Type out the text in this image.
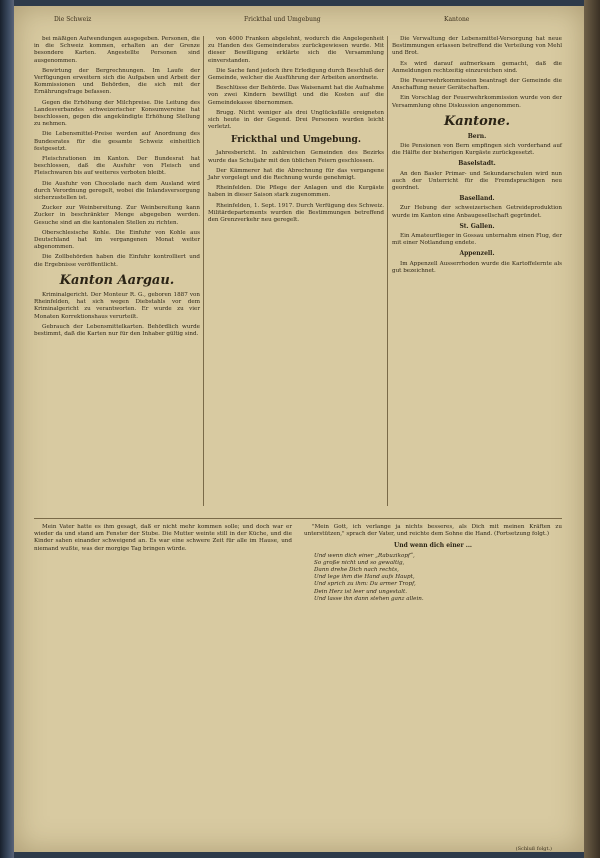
Die Schweiz	Frickthal und Umgebung	Kantone

bei mäßigen Aufwendungen ausgegeben. Personen, die in die Schweiz kommen, erhalten an der Grenze besondere Karten. Angestellte Personen sind ausgenommen.

Bewirtung der Bergrechnungen. Im Laufe der Verfügungen erweitern sich die Aufgaben und Arbeit der Kommissionen und Behörden, die sich mit der Ernährungsfrage befassen.

Gegen die Erhöhung der Milchpreise. Die Leitung des Landesverbandes schweizerischer Konsumvereine hat beschlossen, gegen die angekündigte Erhöhung Stellung zu nehmen.

Die Lebensmittel-Preise werden auf Anordnung des Bundesrates für die gesamte Schweiz einheitlich festgesetzt.

Fleischrationen im Kanton. Der Bundesrat hat beschlossen, daß die Ausfuhr von Fleisch und Fleischwaren bis auf weiteres verboten bleibt.

Die Ausfuhr von Chocolade nach dem Ausland wird durch Verordnung geregelt, wobei die Inlandsversorgung sicherzustellen ist.

Zucker zur Weinbereitung. Zur Weinbereitung kann Zucker in beschränkter Menge abgegeben werden. Gesuche sind an die kantonalen Stellen zu richten.

Oberschlesische Kohle. Die Einfuhr von Kohle aus Deutschland hat im vergangenen Monat weiter abgenommen.

Die Zollbehörden haben die Einfuhr kontrolliert und die Ergebnisse veröffentlicht.

Kanton Aargau.

Kriminalgericht. Der Monteur R. G., geboren 1887 von Rheinfelden, hat sich wegen Diebstahls vor dem Kriminalgericht zu verantworten. Er wurde zu vier Monaten Korrektionshaus verurteilt.

Gebrauch der Lebensmittelkarten. Behördlich wurde bestimmt, daß die Karten nur für den Inhaber gültig sind.

von 4000 Franken abgelehnt, wodurch die Angelegenheit zu Handen des Gemeinderates zurückgewiesen wurde. Mit dieser Bewilligung erklärte sich die Versammlung einverstanden.

Die Sache fand jedoch ihre Erledigung durch Beschluß der Gemeinde, welcher die Ausführung der Arbeiten anordnete.

Beschlüsse der Behörde. Das Waisenamt hat die Aufnahme von zwei Kindern bewilligt und die Kosten auf die Gemeindekasse übernommen.

Brugg. Nicht weniger als drei Unglücksfälle ereigneten sich heute in der Gegend. Drei Personen wurden leicht verletzt.

Frickthal und Umgebung.

Jahresbericht. In zahlreichen Gemeinden des Bezirks wurde das Schuljahr mit den üblichen Feiern geschlossen.

Der Kämmerer hat die Abrechnung für das vergangene Jahr vorgelegt und die Rechnung wurde genehmigt.

Rheinfelden. Die Pflege der Anlagen und die Kurgäste haben in dieser Saison stark zugenommen.

Rheinfelden, 1. Sept. 1917. Durch Verfügung des Schweiz. Militärdepartements wurden die Bestimmungen betreffend den Grenzverkehr neu geregelt.

Die Verwaltung der Lebensmittel-Versorgung hat neue Bestimmungen erlassen betreffend die Verteilung von Mehl und Brot.

Es wird darauf aufmerksam gemacht, daß die Anmeldungen rechtzeitig einzureichen sind.

Die Feuerwehrkommission beantragt der Gemeinde die Anschaffung neuer Gerätschaften.

Ein Vorschlag der Feuerwehrkommission wurde von der Versammlung ohne Diskussion angenommen.

Kantone.

Bern.

Die Pensionen von Bern empfingen sich vorderhand auf die Hälfte der bisherigen Kurgäste zurückgesetzt.

Baselstadt.

An den Basler Primar- und Sekundarschulen wird nun auch der Unterricht für die Fremdsprachigen neu geordnet.

Baselland.

Zur Hebung der schweizerischen Getreideproduktion wurde im Kanton eine Anbaugesellschaft gegründet.

St. Gallen.

Ein Amateurflieger in Gossau unternahm einen Flug, der mit einer Notlandung endete.

Appenzell.

Im Appenzell Ausserrhoden wurde die Kartoffelernte als gut bezeichnet.

Mein Vater hatte es ihm gesagt, daß er nicht mehr kommen solle; und doch war er wieder da und stand am Fenster der Stube. Die Mutter weinte still in der Küche, und die Kinder sahen einander schweigend an. Es war eine schwere Zeit für alle im Hause, und niemand wußte, was der morgige Tag bringen würde.

"Mein Gott, ich verlange ja nichts besseres, als Dich mit meinen Kräften zu unterstützen," sprach der Vater, und reichte dem Sohne die Hand. (Fortsetzung folgt.)

Und wenn dich einer ...

Und wenn dich einer „Rabuzikopf“,
So große nicht und so gewaltig,
Dann drehe Dich nach rechts,
Und lege ihm die Hand aufs Haupt,
Und sprich zu ihm: Du armer Tropf,
Dein Herz ist leer und ungestalt.
Und lasse ihn dann stehen ganz allein.
(Schluß folgt.)
